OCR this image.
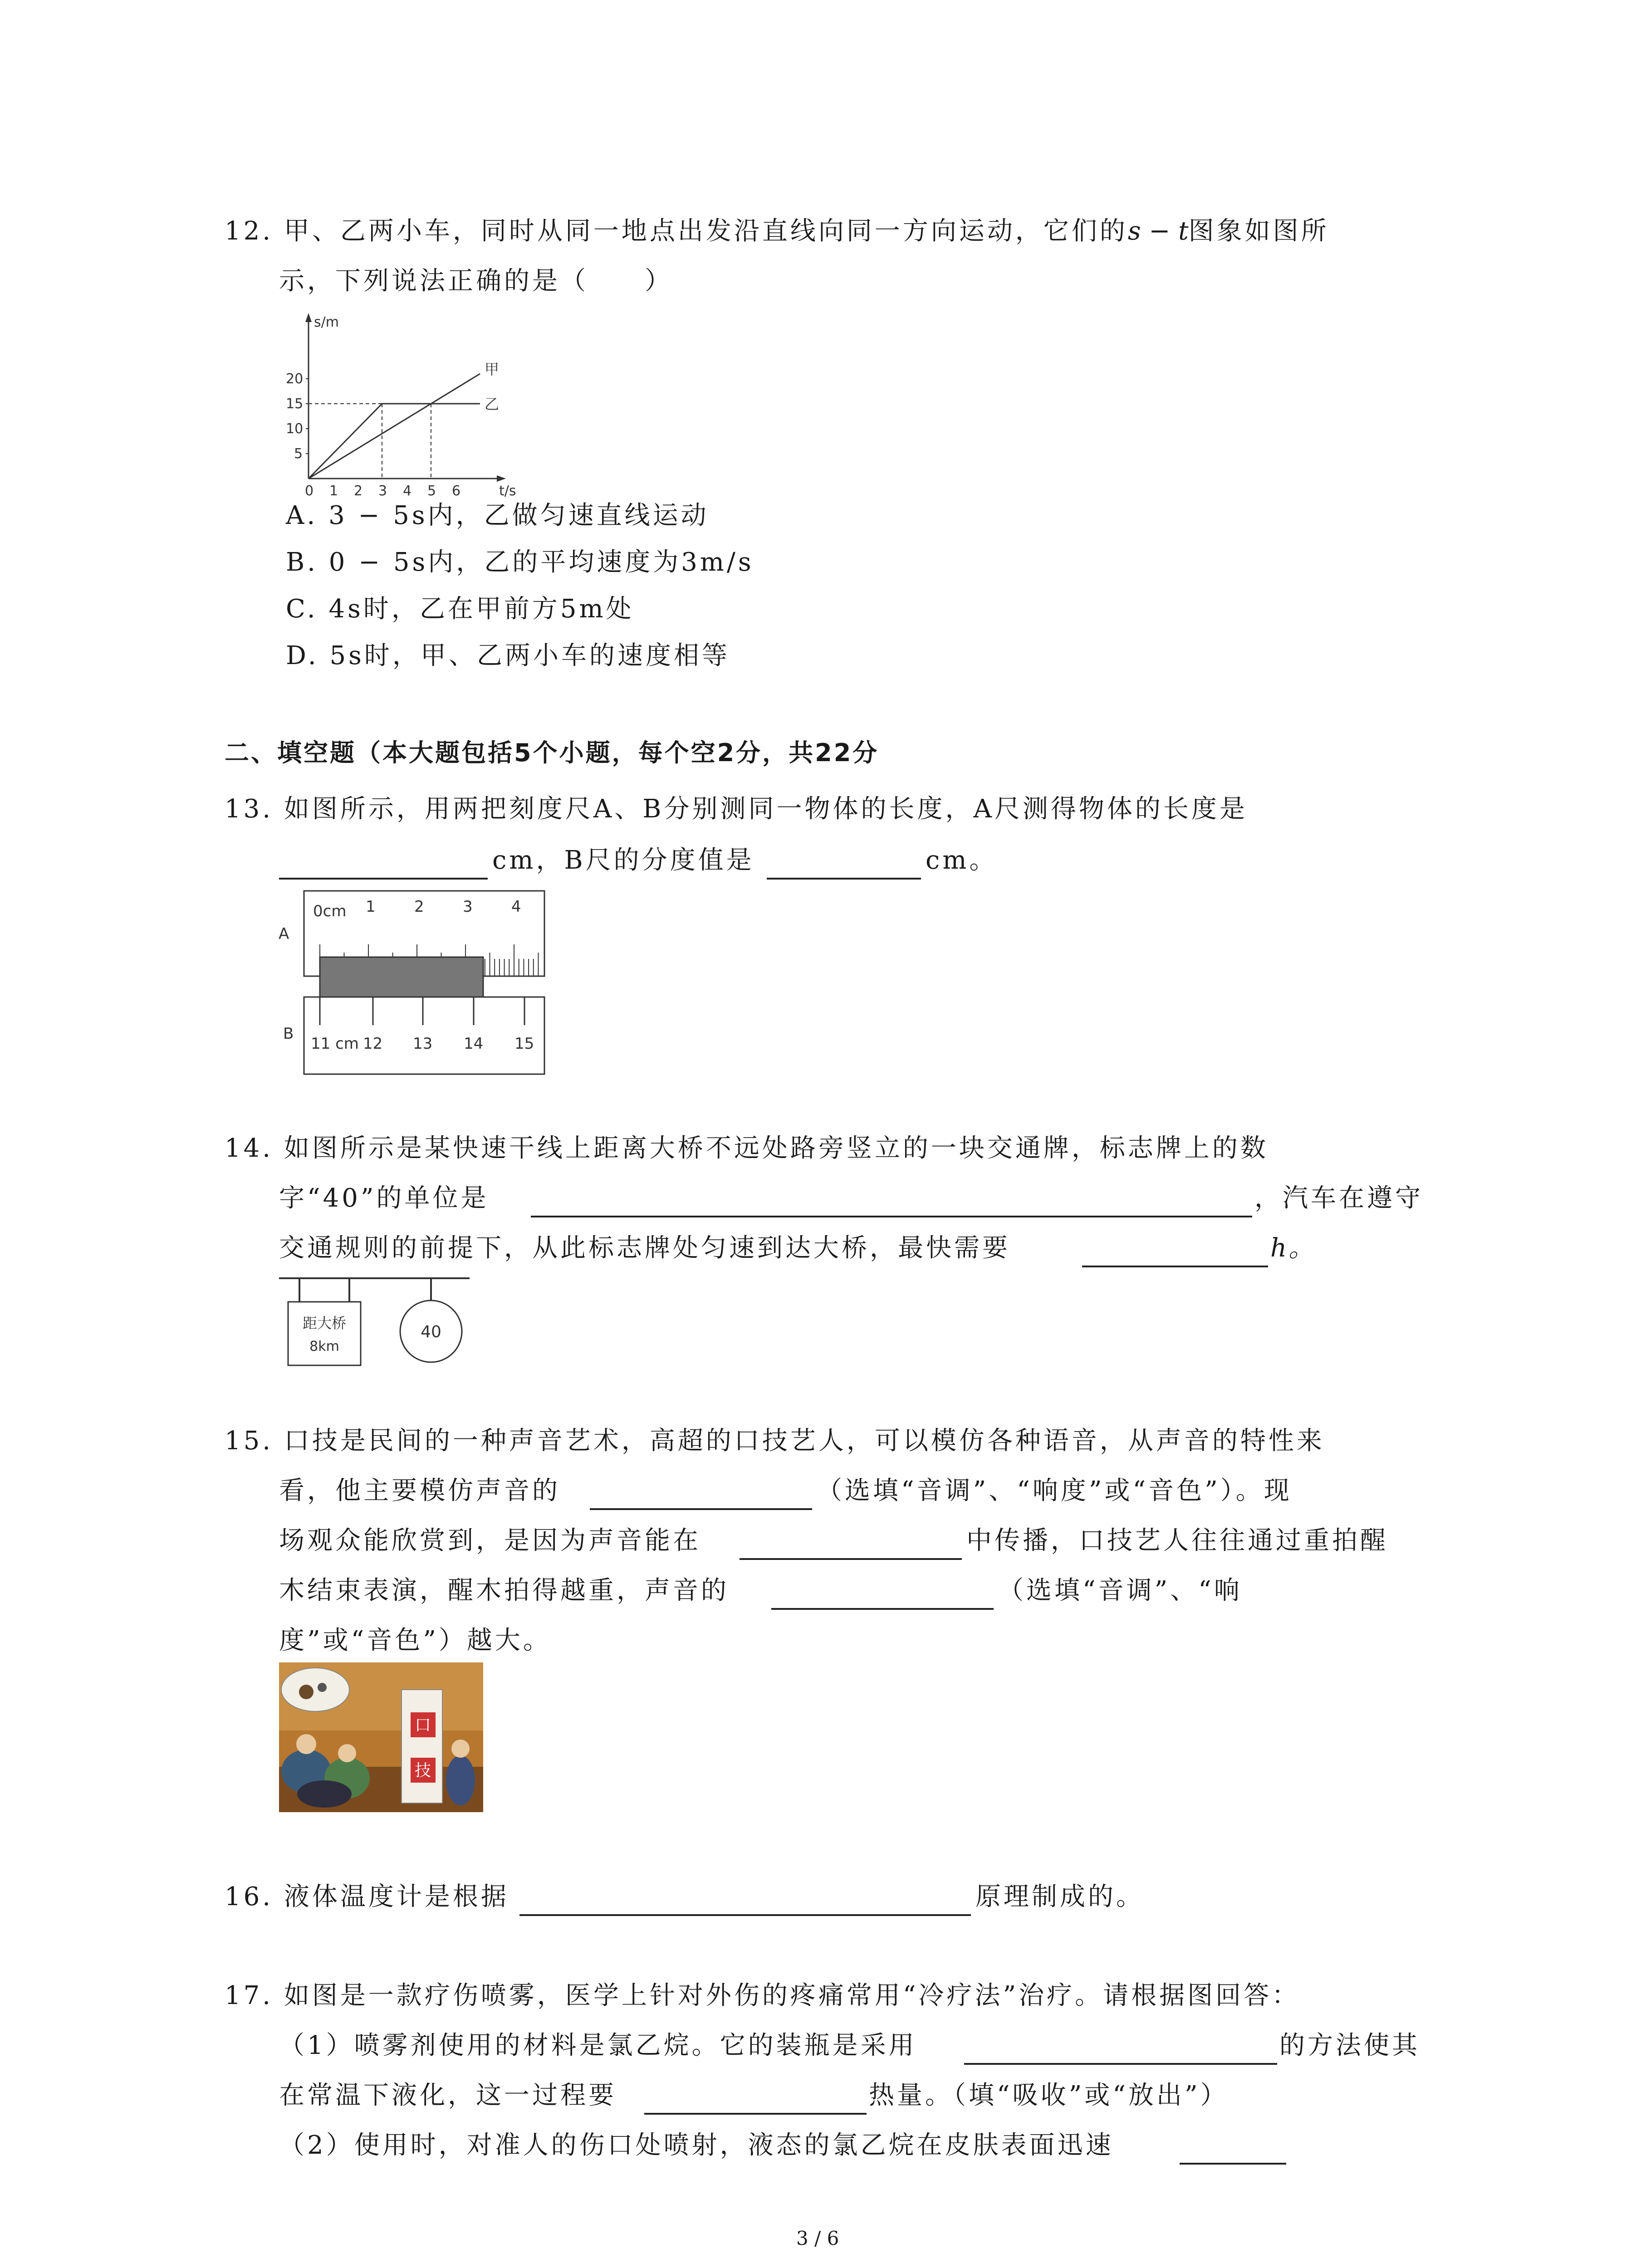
12. 甲、乙两小车，同时从同一地点出发沿直线向同一方向运动，它们的s − t图象如图所
示，下列说法正确的是（　　）
s/m
t/s
20
15
10
5
0 1 2 3 4 5 6
甲
乙
A. 3 − 5s内，乙做匀速直线运动
B. 0 − 5s内，乙的平均速度为3m/s
C. 4s时，乙在甲前方5m处
D. 5s时，甲、乙两小车的速度相等
二、填空题（本大题包括5个小题，每个空2分，共22分
13. 如图所示，用两把刻度尺A、B分别测同一物体的长度，A尺测得物体的长度是
cm，B尺的分度值是	cm。
A
0cm 1	2	3	4
B
11 cm 12 13 14 15
14. 如图所示是某快速干线上距离大桥不远处路旁竖立的一块交通牌，标志牌上的数
字“40”的单位是	，汽车在遵守
交通规则的前提下，从此标志牌处匀速到达大桥，最快需要	h。
距大桥
8km
40
15. 口技是民间的一种声音艺术，高超的口技艺人，可以模仿各种语音，从声音的特性来
看，他主要模仿声音的	（选填“音调”、“响度”或“音色”）。现
场观众能欣赏到，是因为声音能在	中传播，口技艺人往往通过重拍醒
木结束表演，醒木拍得越重，声音的	（选填“音调”、“响
度”或“音色”）越大。
口
技
16. 液体温度计是根据	原理制成的。
17. 如图是一款疗伤喷雾，医学上针对外伤的疼痛常用“冷疗法”治疗。请根据图回答：
（1）喷雾剂使用的材料是氯乙烷。它的装瓶是采用	的方法使其
在常温下液化，这一过程要	热量。（填“吸收”或“放出”）
（2）使用时，对准人的伤口处喷射，液态的氯乙烷在皮肤表面迅速
3 / 6
